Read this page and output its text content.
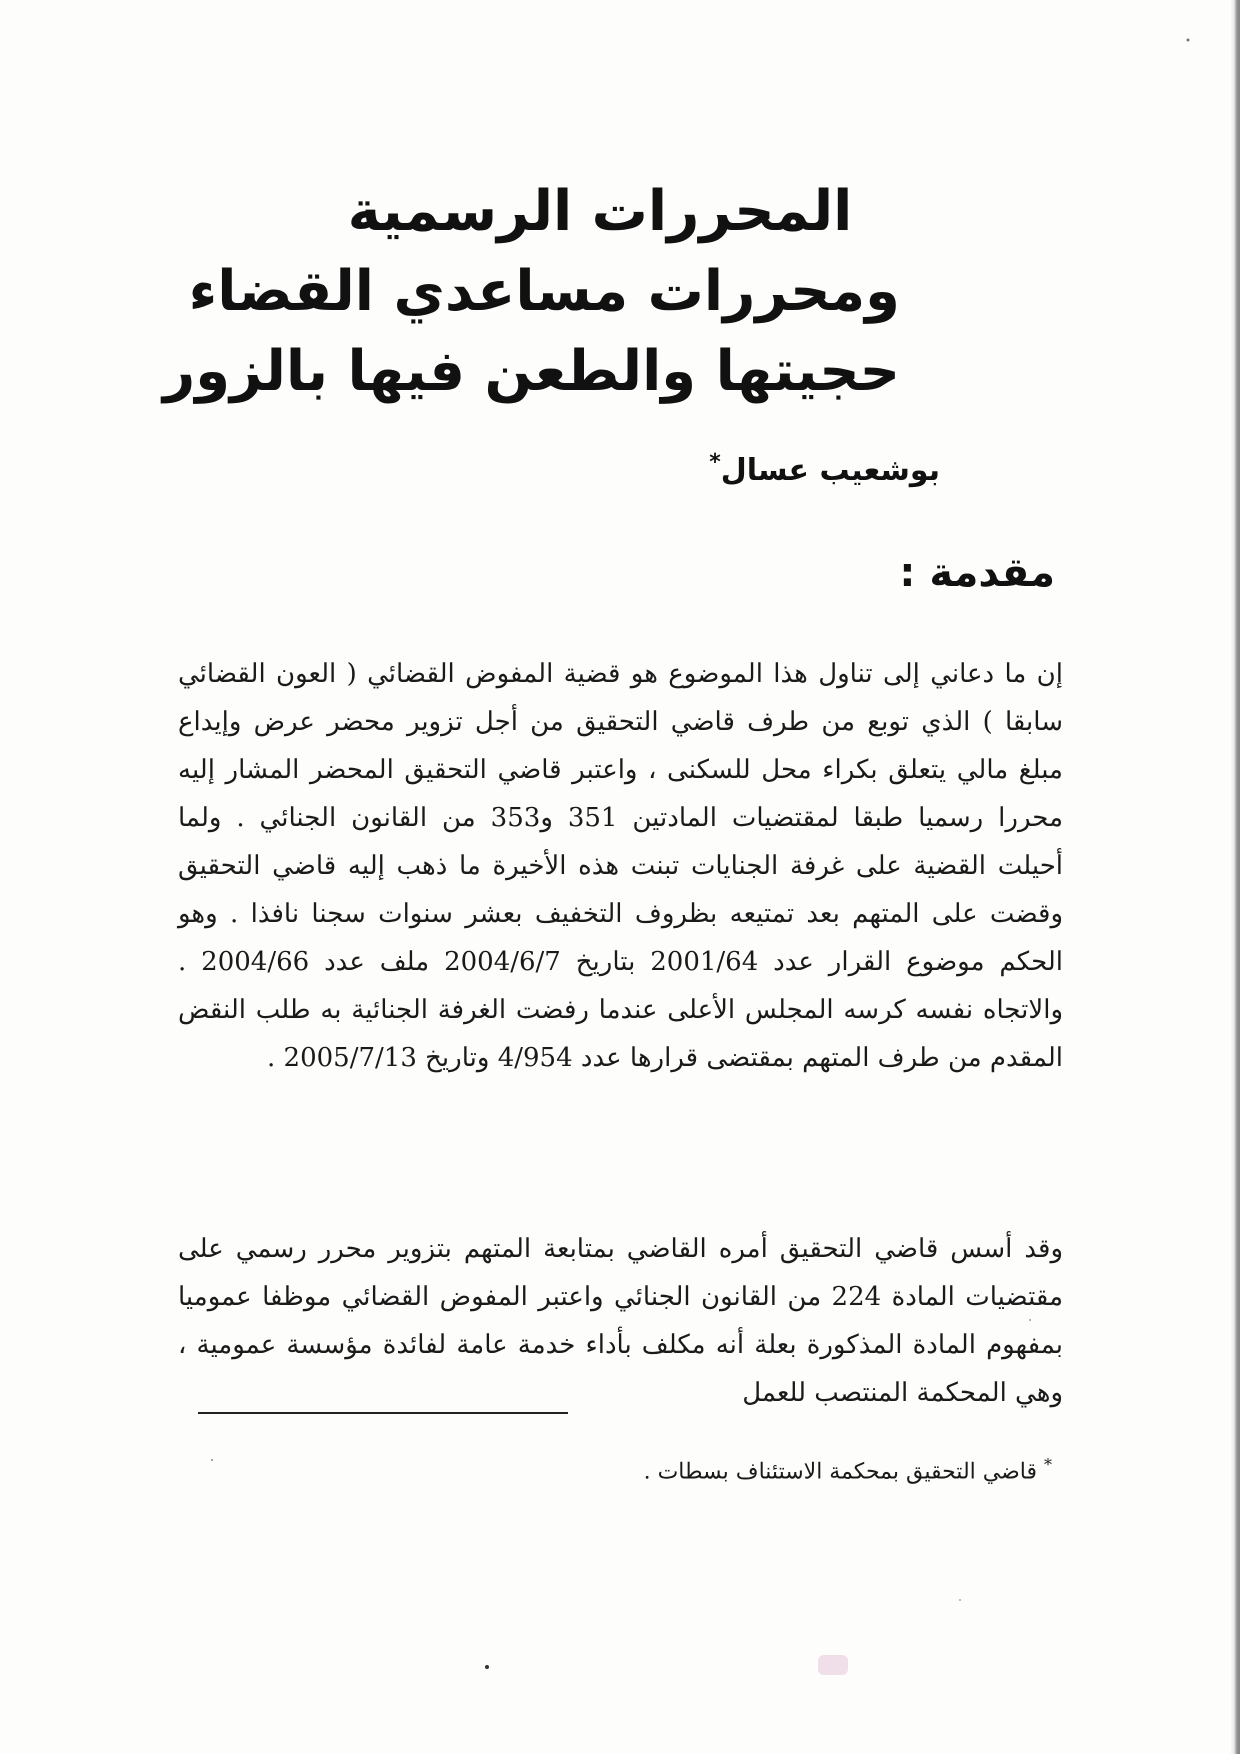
المحررات الرسمية
ومحررات مساعدي القضاء
حجيتها والطعن فيها بالزور
بوشعيب عسال*
مقدمة :
إن ما دعاني إلى تناول هذا الموضوع هو قضية المفوض القضائي ( العون القضائي سابقا ) الذي توبع من طرف قاضي التحقيق من أجل تزوير محضر عرض وإيداع مبلغ مالي يتعلق بكراء محل للسكنى ، واعتبر قاضي التحقيق المحضر المشار إليه محررا رسميا طبقا لمقتضيات المادتين 351 و353 من القانون الجنائي . ولما أحيلت القضية على غرفة الجنايات تبنت هذه الأخيرة ما ذهب إليه قاضي التحقيق وقضت على المتهم بعد تمتيعه بظروف التخفيف بعشر سنوات سجنا نافذا . وهو الحكم موضوع القرار عدد 2001/64 بتاريخ 2004/6/7 ملف عدد 2004/66 . والاتجاه نفسه كرسه المجلس الأعلى عندما رفضت الغرفة الجنائية به طلب النقض المقدم من طرف المتهم بمقتضى قرارها عدد 4/954 وتاريخ 2005/7/13 .
وقد أسس قاضي التحقيق أمره القاضي بمتابعة المتهم بتزوير محرر رسمي على مقتضيات المادة 224 من القانون الجنائي واعتبر المفوض القضائي موظفا عموميا بمفهوم المادة المذكورة بعلة أنه مكلف بأداء خدمة عامة لفائدة مؤسسة عمومية ، وهي المحكمة المنتصب للعمل
* قاضي التحقيق بمحكمة الاستئناف بسطات .
